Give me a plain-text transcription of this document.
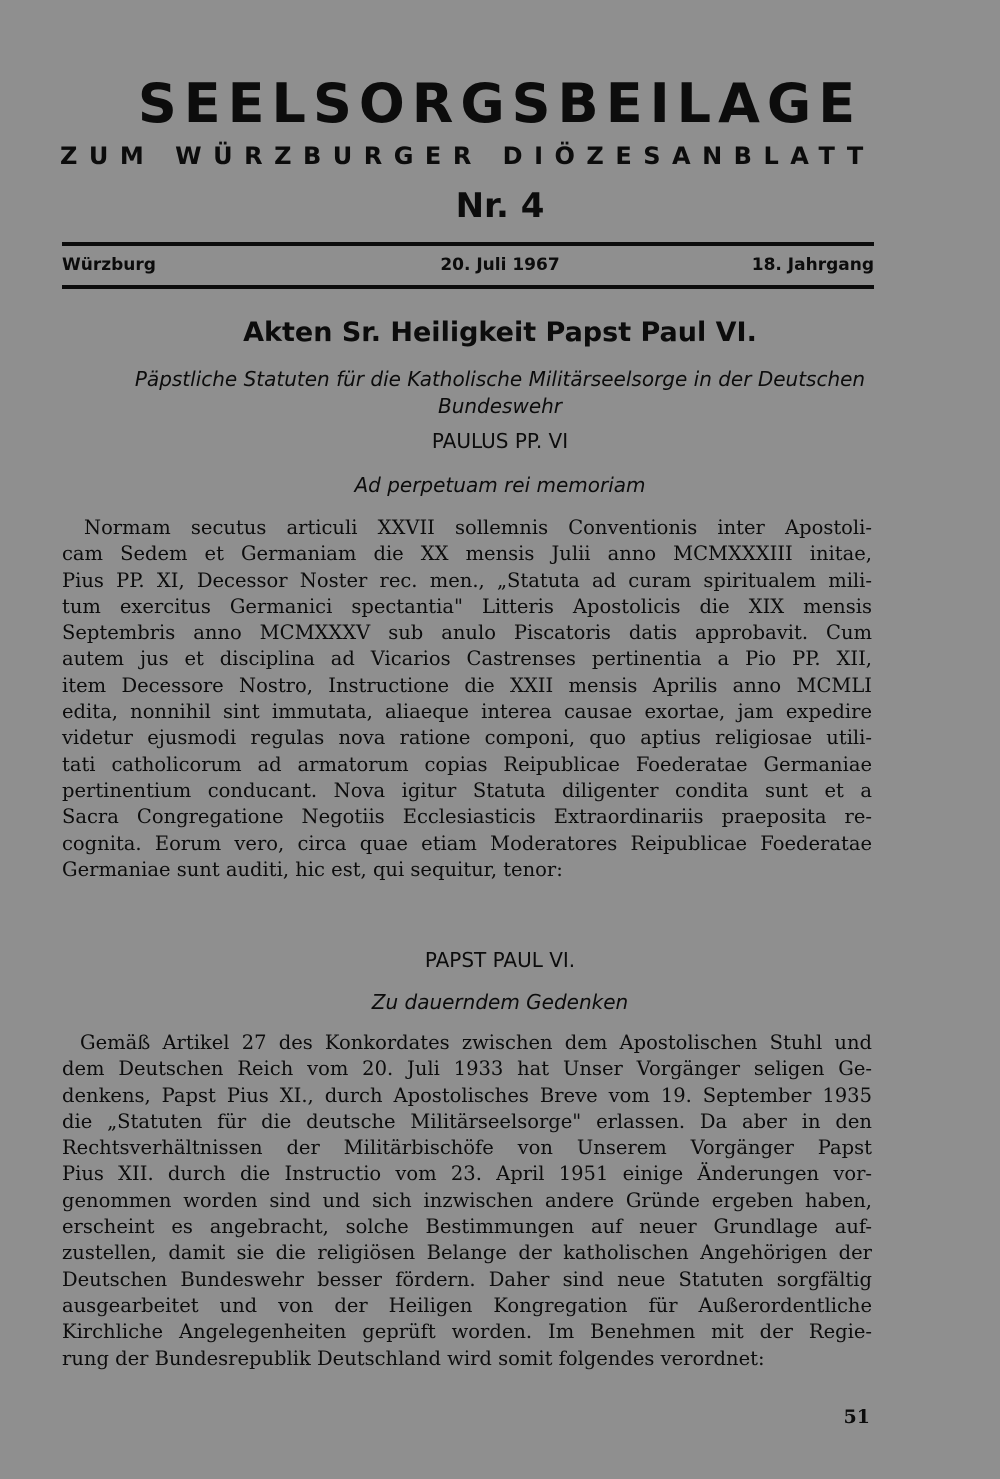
SEELSORGSBEILAGE
ZUM WÜRZBURGER DIÖZESANBLATT
Nr. 4
Würzburg	20. Juli 1967	18. Jahrgang
Akten Sr. Heiligkeit Papst Paul VI.
Päpstliche Statuten für die Katholische Militärseelsorge in der Deutschen Bundeswehr
PAULUS PP. VI
Ad perpetuam rei memoriam
Normam secutus articuli XXVII sollemnis Conventionis inter Apostoli-
cam Sedem et Germaniam die XX mensis Julii anno MCMXXXIII initae,
Pius PP. XI, Decessor Noster rec. men., „Statuta ad curam spiritualem mili-
tum exercitus Germanici spectantia" Litteris Apostolicis die XIX mensis
Septembris anno MCMXXXV sub anulo Piscatoris datis approbavit. Cum
autem jus et disciplina ad Vicarios Castrenses pertinentia a Pio PP. XII,
item Decessore Nostro, Instructione die XXII mensis Aprilis anno MCMLI
edita, nonnihil sint immutata, aliaeque interea causae exortae, jam expedire
videtur ejusmodi regulas nova ratione componi, quo aptius religiosae utili-
tati catholicorum ad armatorum copias Reipublicae Foederatae Germaniae
pertinentium conducant. Nova igitur Statuta diligenter condita sunt et a
Sacra Congregatione Negotiis Ecclesiasticis Extraordinariis praeposita re-
cognita. Eorum vero, circa quae etiam Moderatores Reipublicae Foederatae
Germaniae sunt auditi, hic est, qui sequitur, tenor:
PAPST PAUL VI.
Zu dauerndem Gedenken
Gemäß Artikel 27 des Konkordates zwischen dem Apostolischen Stuhl und
dem Deutschen Reich vom 20. Juli 1933 hat Unser Vorgänger seligen Ge-
denkens, Papst Pius XI., durch Apostolisches Breve vom 19. September 1935
die „Statuten für die deutsche Militärseelsorge" erlassen. Da aber in den
Rechtsverhältnissen der Militärbischöfe von Unserem Vorgänger Papst
Pius XII. durch die Instructio vom 23. April 1951 einige Änderungen vor-
genommen worden sind und sich inzwischen andere Gründe ergeben haben,
erscheint es angebracht, solche Bestimmungen auf neuer Grundlage auf-
zustellen, damit sie die religiösen Belange der katholischen Angehörigen der
Deutschen Bundeswehr besser fördern. Daher sind neue Statuten sorgfältig
ausgearbeitet und von der Heiligen Kongregation für Außerordentliche
Kirchliche Angelegenheiten geprüft worden. Im Benehmen mit der Regie-
rung der Bundesrepublik Deutschland wird somit folgendes verordnet:
51
